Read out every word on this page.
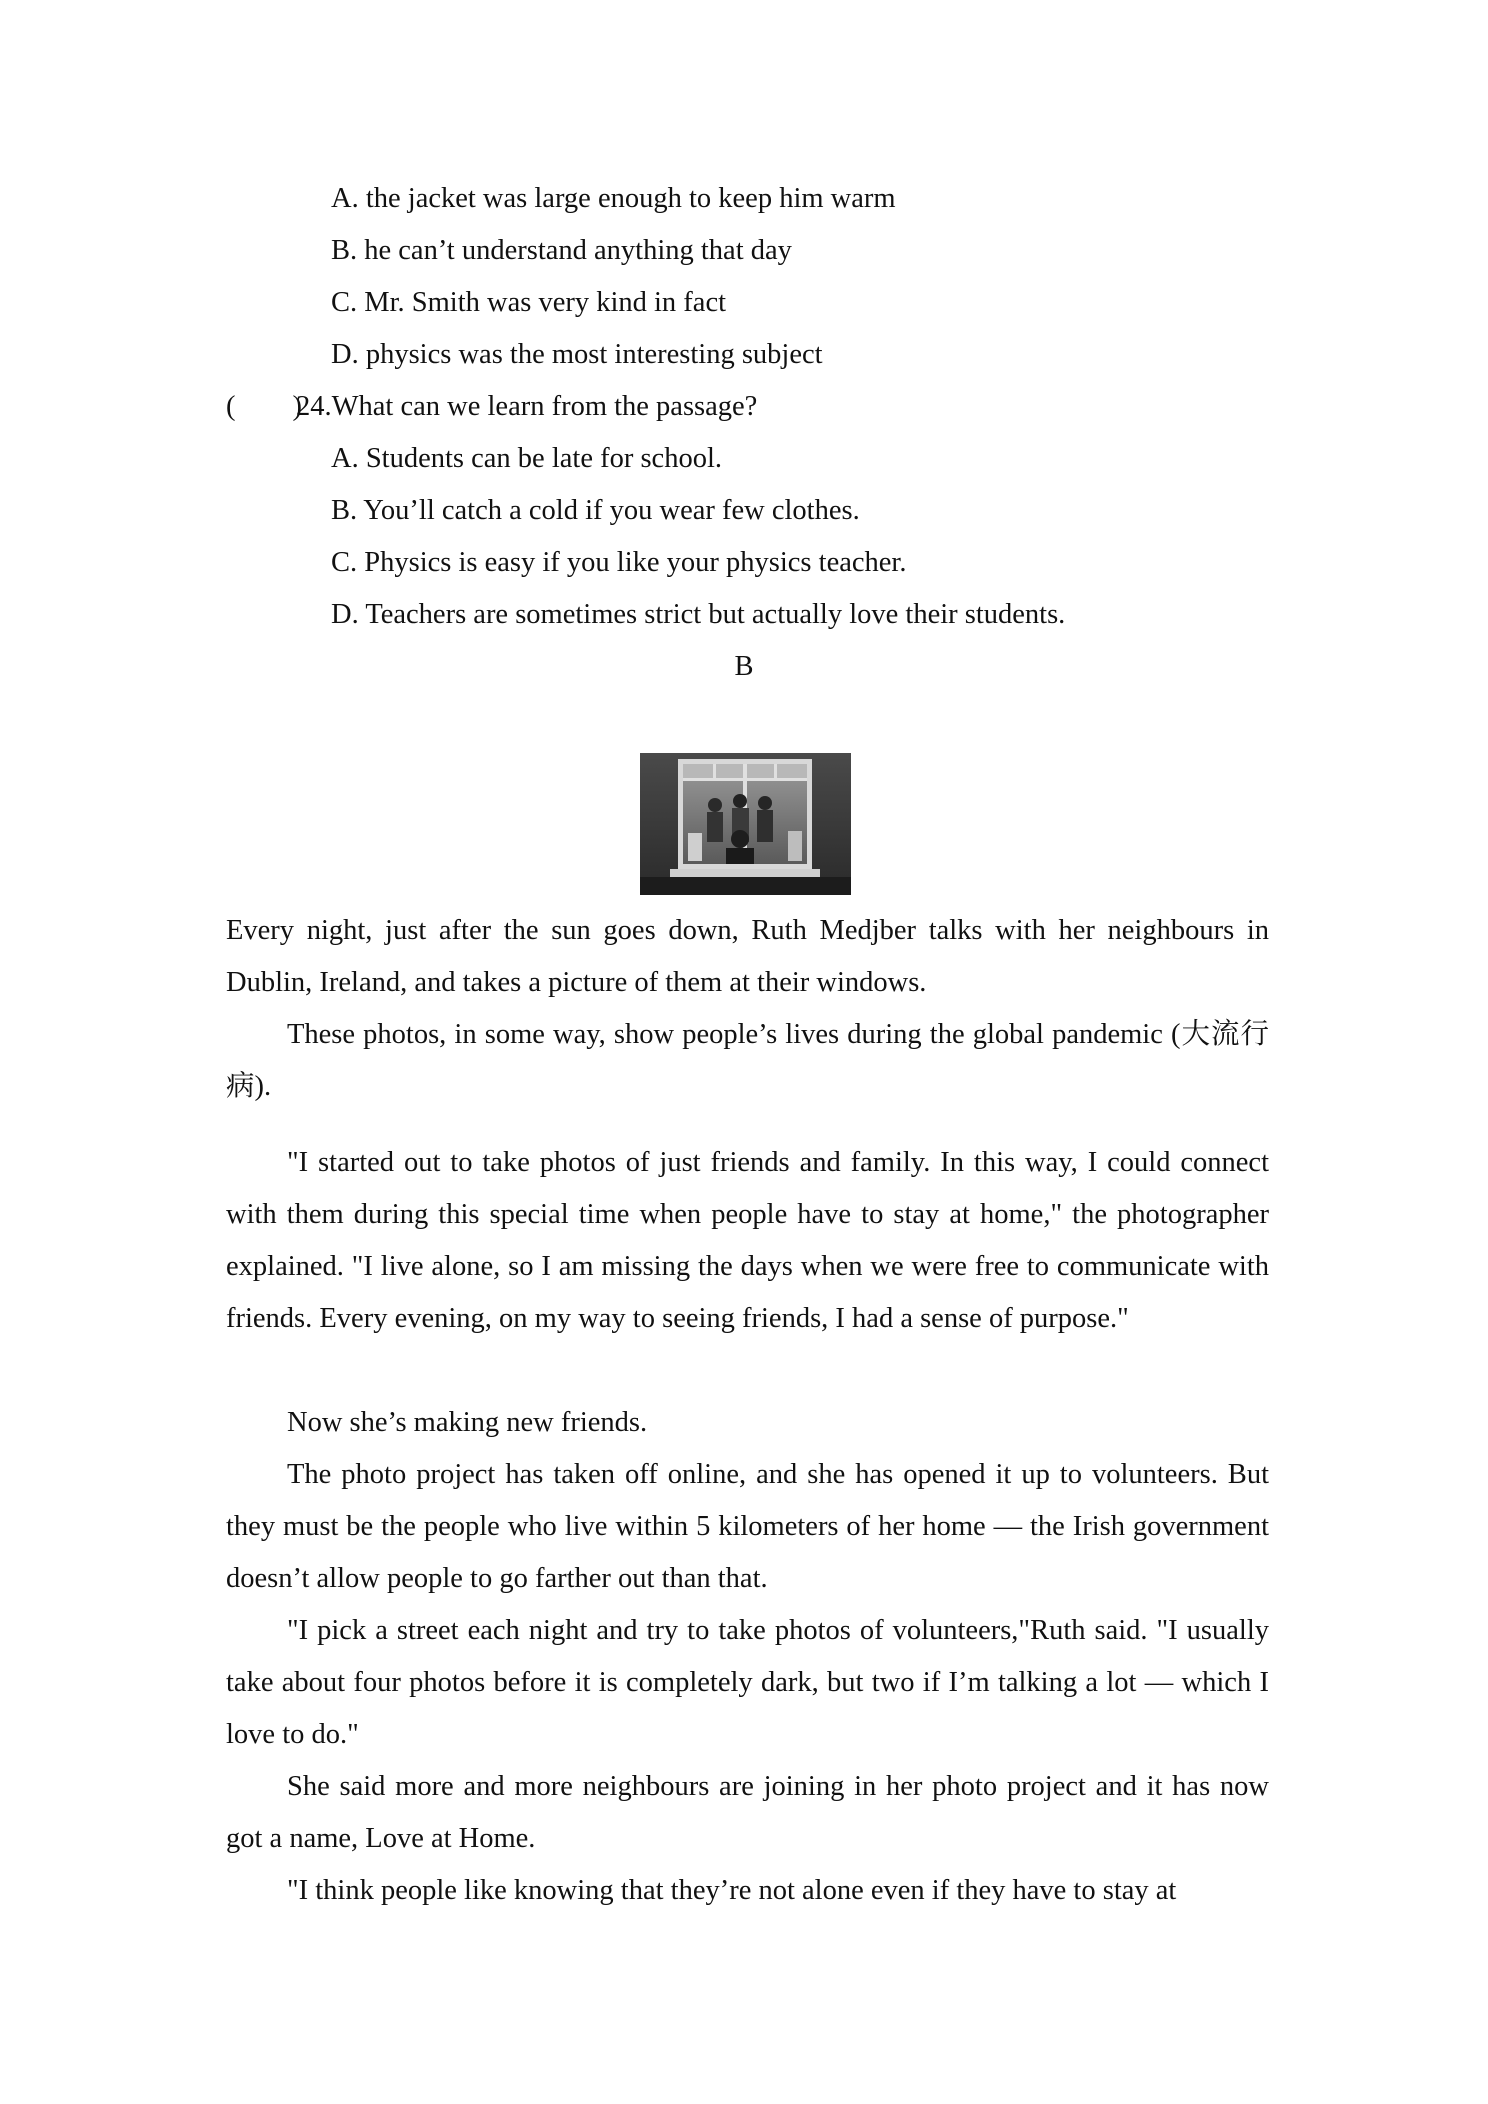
A. the jacket was large enough to keep him warm
B. he can’t understand anything that day
C. Mr. Smith was very kind in fact
D. physics was the most interesting subject
(　　)24.What can we learn from the passage?
A. Students can be late for school.
B. You’ll catch a cold if you wear few clothes.
C. Physics is easy if you like your physics teacher.
D. Teachers are sometimes strict but actually love their students.
B
Every night, just after the sun goes down, Ruth Medjber talks with her neighbours in Dublin, Ireland, and takes a picture of them at their windows.
These photos, in some way, show people’s lives during the global pandemic (大流行病).
"I started out to take photos of just friends and family. In this way, I could connect with them during this special time when people have to stay at home," the photographer explained. "I live alone, so I am missing the days when we were free to communicate with friends. Every evening, on my way to seeing friends, I had a sense of purpose."
Now she’s making new friends.
The photo project has taken off online, and she has opened it up to volunteers. But they must be the people who live within 5 kilometers of her home — the Irish government doesn’t allow people to go farther out than that.
"I pick a street each night and try to take photos of volunteers,"Ruth said. "I usually take about four photos before it is completely dark, but two if I’m talking a lot — which I love to do."
She said more and more neighbours are joining in her photo project and it has now got a name, Love at Home.
"I think people like knowing that they’re not alone even if they have to stay at
